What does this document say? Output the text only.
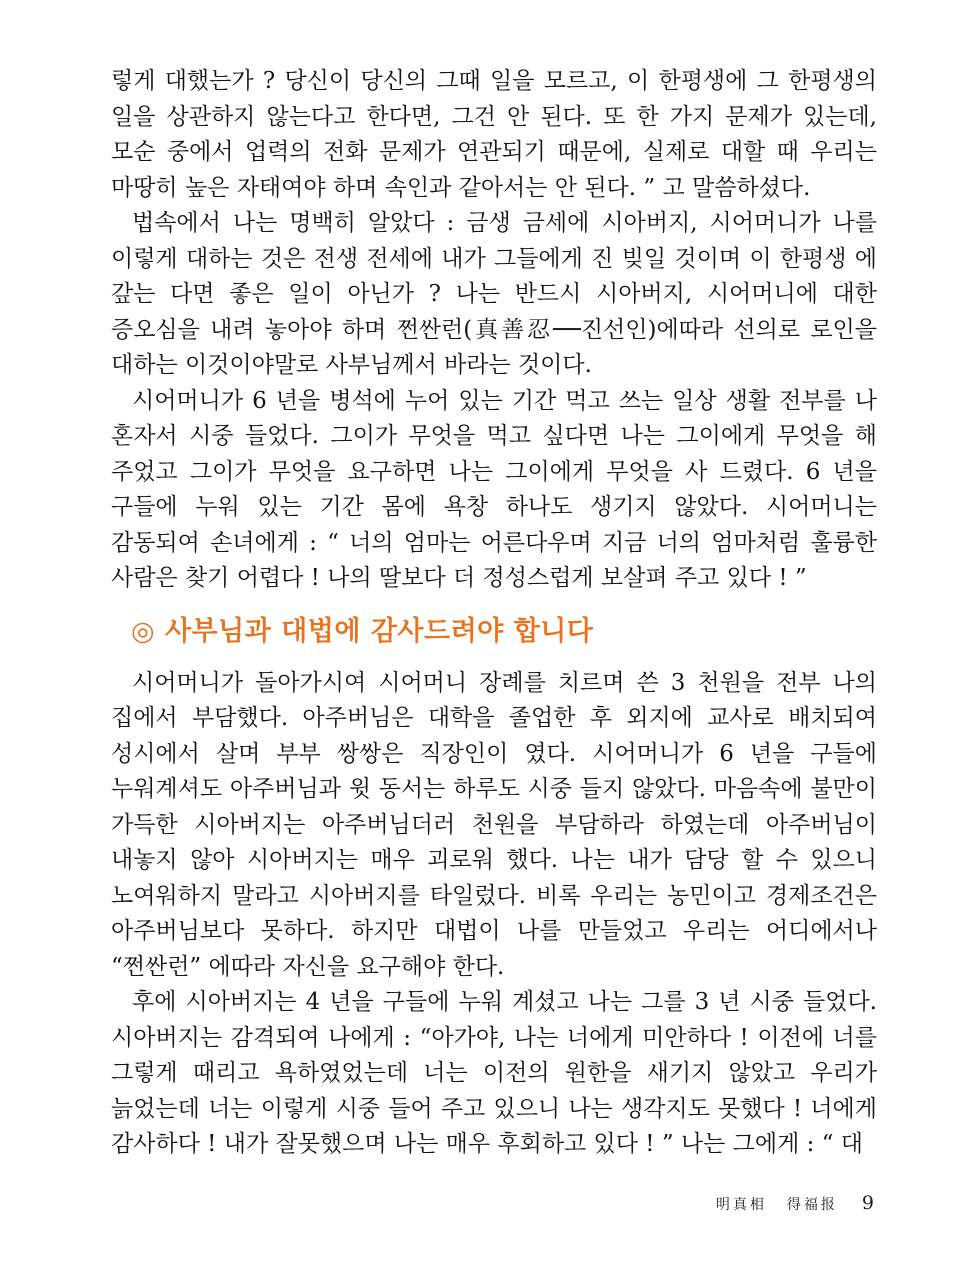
렇게 대했는가 ? 당신이 당신의 그때 일을 모르고, 이 한평생에 그 한평생의 일을 상관하지 않는다고 한다면, 그건 안 된다. 또 한 가지 문제가 있는데, 모순 중에서 업력의 전화 문제가 연관되기 때문에, 실제로 대할 때 우리는 마땅히 높은 자태여야 하며 속인과 같아서는 안 된다. ” 고 말씀하셨다.

법속에서 나는 명백히 알았다 : 금생 금세에 시아버지, 시어머니가 나를 이렇게 대하는 것은 전생 전세에 내가 그들에게 진 빚일 것이며 이 한평생 에 갚는 다면 좋은 일이 아닌가 ? 나는 반드시 시아버지, 시어머니에 대한 증오심을 내려 놓아야 하며 쩐싼런(真善忍──진선인)에따라 선의로 로인을 대하는 이것이야말로 사부님께서 바라는 것이다.

시어머니가 6 년을 병석에 누어 있는 기간 먹고 쓰는 일상 생활 전부를 나 혼자서 시중 들었다. 그이가 무엇을 먹고 싶다면 나는 그이에게 무엇을 해 주었고 그이가 무엇을 요구하면 나는 그이에게 무엇을 사 드렸다. 6 년을 구들에 누워 있는 기간 몸에 욕창 하나도 생기지 않았다. 시어머니는 감동되여 손녀에게 : “ 너의 엄마는 어른다우며 지금 너의 엄마처럼 훌륭한 사람은 찾기 어렵다 ! 나의 딸보다 더 정성스럽게 보살펴 주고 있다 ! ”

◎ 사부님과 대법에 감사드려야 합니다

시어머니가 돌아가시여 시어머니 장례를 치르며 쓴 3 천원을 전부 나의 집에서 부담했다. 아주버님은 대학을 졸업한 후 외지에 교사로 배치되여 성시에서 살며 부부 쌍쌍은 직장인이 였다. 시어머니가 6 년을 구들에 누워계셔도 아주버님과 윗 동서는 하루도 시중 들지 않았다. 마음속에 불만이 가득한 시아버지는 아주버님더러 천원을 부담하라 하였는데 아주버님이 내놓지 않아 시아버지는 매우 괴로워 했다. 나는 내가 담당 할 수 있으니 노여워하지 말라고 시아버지를 타일렀다. 비록 우리는 농민이고 경제조건은 아주버님보다 못하다. 하지만 대법이 나를 만들었고 우리는 어디에서나 “쩐싼런” 에따라 자신을 요구해야 한다.

후에 시아버지는 4 년을 구들에 누워 계셨고 나는 그를 3 년 시중 들었다. 시아버지는 감격되여 나에게 : “아가야, 나는 너에게 미안하다 ! 이전에 너를 그렇게 때리고 욕하였었는데 너는 이전의 원한을 새기지 않았고 우리가 늙었는데 너는 이렇게 시중 들어 주고 있으니 나는 생각지도 못했다 ! 너에게 감사하다 ! 내가 잘못했으며 나는 매우 후회하고 있다 ! ” 나는 그에게 : “ 대

明真相 得福报 9
